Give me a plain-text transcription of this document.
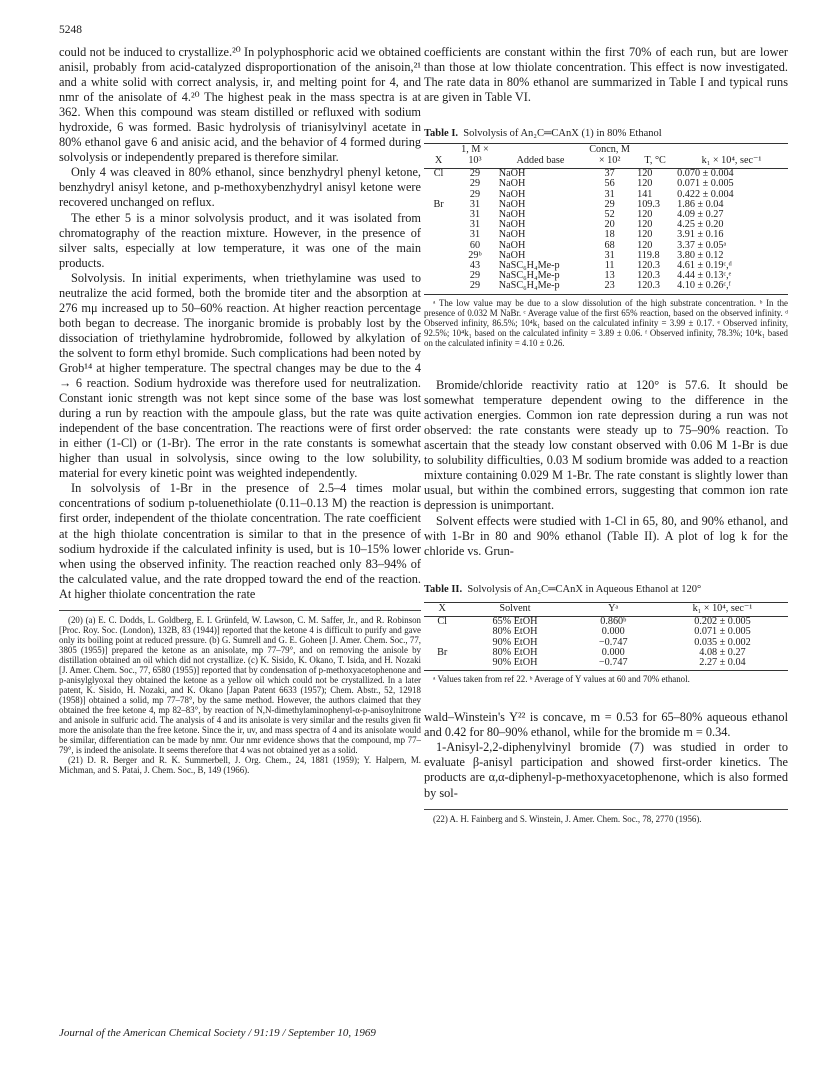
5248

could not be induced to crystallize.²⁰ In polyphosphoric acid we obtained anisil, probably from acid-catalyzed disproportionation of the anisoin,²¹ and a white solid with correct analysis, ir, and melting point for 4, and nmr of the anisolate of 4.²⁰ The highest peak in the mass spectra is at 362. When this compound was steam distilled or refluxed with sodium hydroxide, 6 was formed. Basic hydrolysis of trianisylvinyl acetate in 80% ethanol gave 6 and anisic acid, and the behavior of 4 formed during solvolysis or independently prepared is therefore similar.

Only 4 was cleaved in 80% ethanol, since benzhydryl phenyl ketone, benzhydryl anisyl ketone, and p-methoxybenzhydryl anisyl ketone were recovered unchanged on reflux.

The ether 5 is a minor solvolysis product, and it was isolated from chromatography of the reaction mixture. However, in the presence of silver salts, especially at low temperature, it was one of the main products.

Solvolysis. In initial experiments, when triethylamine was used to neutralize the acid formed, both the bromide titer and the absorption at 276 mμ increased up to 50–60% reaction. At higher reaction percentage both began to decrease. The inorganic bromide is probably lost by the dissociation of triethylamine hydrobromide, followed by alkylation of the solvent to form ethyl bromide. Such complications had been noted by Grob¹⁴ at higher temperature. The spectral changes may be due to the 4 → 6 reaction. Sodium hydroxide was therefore used for neutralization. Constant ionic strength was not kept since some of the base was lost during a run by reaction with the ampoule glass, but the rate was quite independent of the base concentration. The reactions were of first order in either (1-Cl) or (1-Br). The error in the rate constants is somewhat higher than usual in solvolysis, since owing to the low solubility, material for every kinetic point was weighted independently.

In solvolysis of 1-Br in the presence of 2.5–4 times molar concentrations of sodium p-toluenethiolate (0.11–0.13 M) the reaction is first order, independent of the thiolate concentration. The rate coefficient at the high thiolate concentration is similar to that in the presence of sodium hydroxide if the calculated infinity is used, but is 10–15% lower when using the observed infinity. The reaction reached only 83–94% of the calculated value, and the rate dropped toward the end of the reaction. At higher thiolate concentration the rate

(20) (a) E. C. Dodds, L. Goldberg, E. I. Grünfeld, W. Lawson, C. M. Saffer, Jr., and R. Robinson [Proc. Roy. Soc. (London), 132B, 83 (1944)] reported that the ketone 4 is difficult to purify and gave only its boiling point at reduced pressure. (b) G. Sumrell and G. E. Goheen [J. Amer. Chem. Soc., 77, 3805 (1955)] prepared the ketone as an anisolate, mp 77–79°, and on removing the anisole by distillation obtained an oil which did not crystallize. (c) K. Sisido, K. Okano, T. Isida, and H. Nozaki [J. Amer. Chem. Soc., 77, 6580 (1955)] reported that by condensation of p-methoxyacetophenone and p-anisylglyoxal they obtained the ketone as a yellow oil which could not be crystallized. In a later patent, K. Sisido, H. Nozaki, and K. Okano [Japan Patent 6633 (1957); Chem. Abstr., 52, 12918 (1958)] obtained a solid, mp 77–78°, by the same method. However, the authors claimed that they obtained the free ketone 4, mp 82–83°, by reaction of N,N-dimethylaminophenyl-α-p-anisoylnitrone and anisole in sulfuric acid. The analysis of 4 and its anisolate is very similar and the results given fit more the anisolate than the free ketone. Since the ir, uv, and mass spectra of 4 and its anisolate would be similar, differentiation can be made by nmr. Our nmr evidence shows that the compound, mp 77–79°, is indeed the anisolate. It seems therefore that 4 was not obtained yet as a solid.

(21) D. R. Berger and R. K. Summerbell, J. Org. Chem., 24, 1881 (1959); Y. Halpern, M. Michman, and S. Patai, J. Chem. Soc., B, 149 (1966).

coefficients are constant within the first 70% of each run, but are lower than those at low thiolate concentration. This effect is now investigated. The rate data in 80% ethanol are summarized in Table I and typical runs are given in Table VI.

Table I. Solvolysis of An₂C═CAnX (1) in 80% Ethanol

X	1, M × 10³	Added base	Concn, M × 10²	T, °C	k₁ × 10⁴, sec⁻¹
Cl	29	NaOH	37	120	0.070 ± 0.004
	29	NaOH	56	120	0.071 ± 0.005
	29	NaOH	31	141	0.422 ± 0.004
Br	31	NaOH	29	109.3	1.86 ± 0.04
	31	NaOH	52	120	4.09 ± 0.27
	31	NaOH	20	120	4.25 ± 0.20
	31	NaOH	18	120	3.91 ± 0.16
	60	NaOH	68	120	3.37 ± 0.05ᵃ
	29ᵇ	NaOH	31	119.8	3.80 ± 0.12
	43	NaSC₆H₄Me-p	11	120.3	4.61 ± 0.19ᶜ,ᵈ
	29	NaSC₆H₄Me-p	13	120.3	4.44 ± 0.13ᶜ,ᵉ
	29	NaSC₆H₄Me-p	23	120.3	4.10 ± 0.26ᶜ,ᶠ

ᵃ The low value may be due to a slow dissolution of the high substrate concentration. ᵇ In the presence of 0.032 M NaBr. ᶜ Average value of the first 65% reaction, based on the observed infinity. ᵈ Observed infinity, 86.5%; 10⁴k₁ based on the calculated infinity = 3.99 ± 0.17. ᵉ Observed infinity, 92.5%; 10⁴k₁ based on the calculated infinity = 3.89 ± 0.06. ᶠ Observed infinity, 78.3%; 10⁴k₁ based on the calculated infinity = 4.10 ± 0.26.

Bromide/chloride reactivity ratio at 120° is 57.6. It should be somewhat temperature dependent owing to the difference in the activation energies. Common ion rate depression during a run was not observed: the rate constants were steady up to 75–90% reaction. To ascertain that the steady low constant observed with 0.06 M 1-Br is due to solubility difficulties, 0.03 M sodium bromide was added to a reaction mixture containing 0.029 M 1-Br. The rate constant is slightly lower than usual, but within the combined errors, suggesting that common ion rate depression is unimportant.

Solvent effects were studied with 1-Cl in 65, 80, and 90% ethanol, and with 1-Br in 80 and 90% ethanol (Table II). A plot of log k for the chloride vs. Grun-

Table II. Solvolysis of An₂C═CAnX in Aqueous Ethanol at 120°

X	Solvent	Yᵃ	k₁ × 10⁴, sec⁻¹
Cl	65% EtOH	0.860ᵇ	0.202 ± 0.005
	80% EtOH	0.000	0.071 ± 0.005
	90% EtOH	−0.747	0.035 ± 0.002
Br	80% EtOH	0.000	4.08 ± 0.27
	90% EtOH	−0.747	2.27 ± 0.04

ᵃ Values taken from ref 22. ᵇ Average of Y values at 60 and 70% ethanol.

wald–Winstein's Y²² is concave, m = 0.53 for 65–80% aqueous ethanol and 0.42 for 80–90% ethanol, while for the bromide m = 0.34.

1-Anisyl-2,2-diphenylvinyl bromide (7) was studied in order to evaluate β-anisyl participation and showed first-order kinetics. The products are α,α-diphenyl-p-methoxyacetophenone, which is also formed by sol-

(22) A. H. Fainberg and S. Winstein, J. Amer. Chem. Soc., 78, 2770 (1956).

Journal of the American Chemical Society / 91:19 / September 10, 1969
